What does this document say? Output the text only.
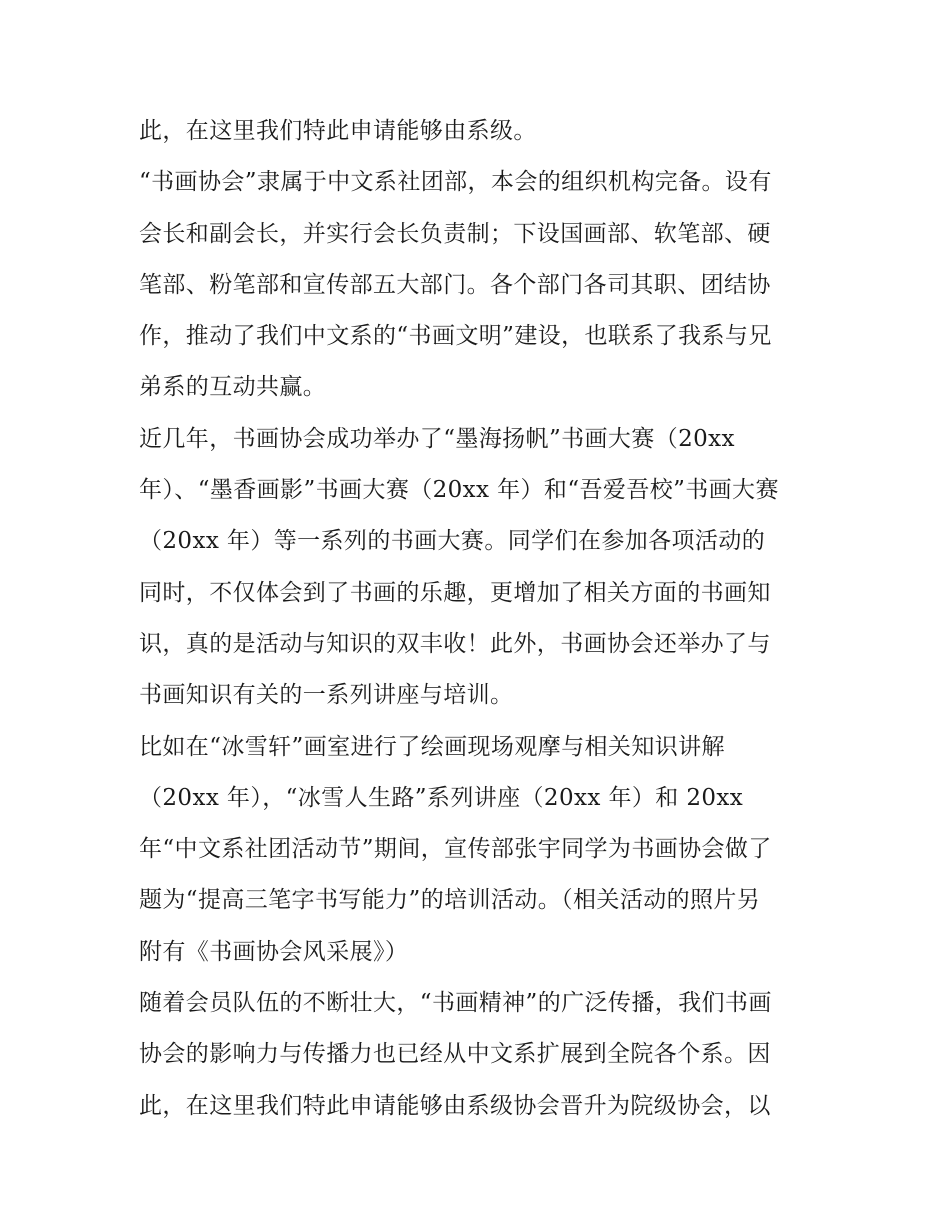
此，在这里我们特此申请能够由系级。
“书画协会”隶属于中文系社团部，本会的组织机构完备。设有
会长和副会长，并实行会长负责制；下设国画部、软笔部、硬
笔部、粉笔部和宣传部五大部门。各个部门各司其职、团结协
作，推动了我们中文系的“书画文明”建设，也联系了我系与兄
弟系的互动共赢。
近几年，书画协会成功举办了“墨海扬帆”书画大赛（20xx
年）、“墨香画影”书画大赛（20xx 年）和“吾爱吾校”书画大赛
（20xx 年）等一系列的书画大赛。同学们在参加各项活动的
同时，不仅体会到了书画的乐趣，更增加了相关方面的书画知
识，真的是活动与知识的双丰收！此外，书画协会还举办了与
书画知识有关的一系列讲座与培训。
比如在“冰雪轩”画室进行了绘画现场观摩与相关知识讲解
（20xx 年），“冰雪人生路”系列讲座（20xx 年）和 20xx
年“中文系社团活动节”期间，宣传部张宇同学为书画协会做了
题为“提高三笔字书写能力”的培训活动。（相关活动的照片另
附有《书画协会风采展》）
随着会员队伍的不断壮大，“书画精神”的广泛传播，我们书画
协会的影响力与传播力也已经从中文系扩展到全院各个系。因
此，在这里我们特此申请能够由系级协会晋升为院级协会，以
